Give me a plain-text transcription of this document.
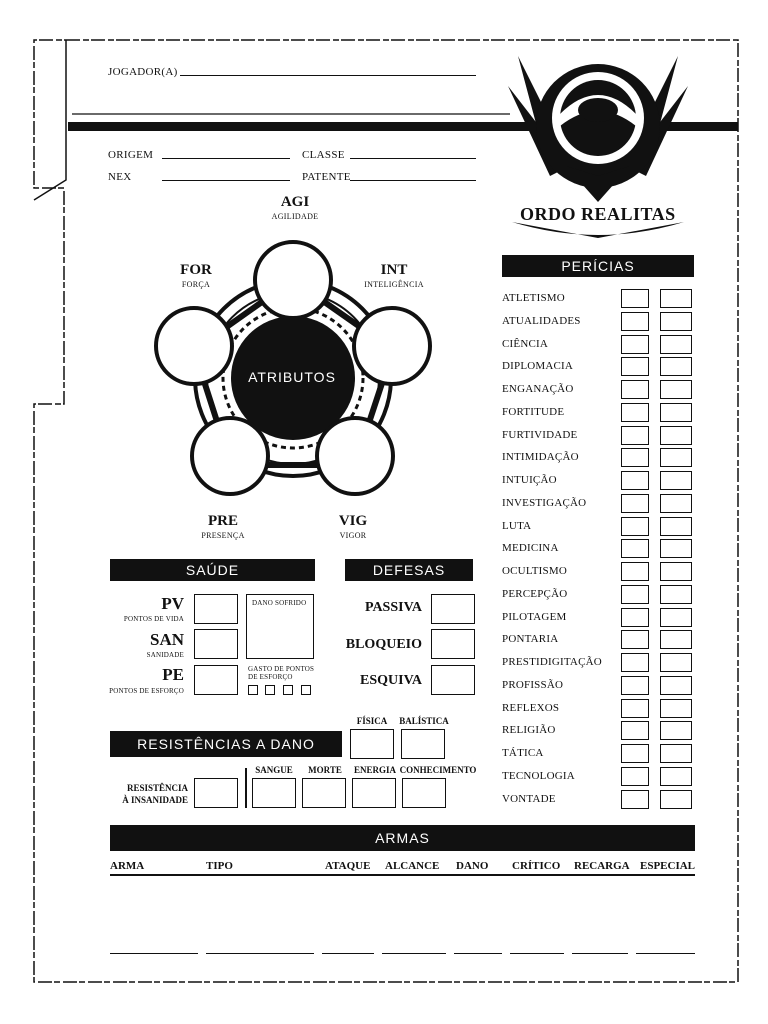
JOGADOR(A)
ORIGEM	CLASSE
NEX	PATENTE
ORDO REALITAS
ATRIBUTOS
AGI
AGILIDADE
INT
INTELIGÊNCIA
VIG
VIGOR
PRE
PRESENÇA
FOR
FORÇA
PERÍCIAS
ATLETISMO
ATUALIDADES
CIÊNCIA
DIPLOMACIA
ENGANAÇÃO
FORTITUDE
FURTIVIDADE
INTIMIDAÇÃO
INTUIÇÃO
INVESTIGAÇÃO
LUTA
MEDICINA
OCULTISMO
PERCEPÇÃO
PILOTAGEM
PONTARIA
PRESTIDIGITAÇÃO
PROFISSÃO
REFLEXOS
RELIGIÃO
TÁTICA
TECNOLOGIA
VONTADE
SAÚDE
PV
PONTOS DE VIDA
SAN
SANIDADE
PE
PONTOS DE ESFORÇO
DANO SOFRIDO
GASTO DE PONTOS DE ESFORÇO
DEFESAS
PASSIVA
BLOQUEIO
ESQUIVA
RESISTÊNCIAS A DANO
FÍSICA	BALÍSTICA
RESISTÊNCIA
À INSANIDADE
SANGUE	MORTE	ENERGIA CONHECIMENTO
ARMAS
ARMA	TIPO	ATAQUE ALCANCE DANO CRÍTICO RECARGA ESPECIAL
